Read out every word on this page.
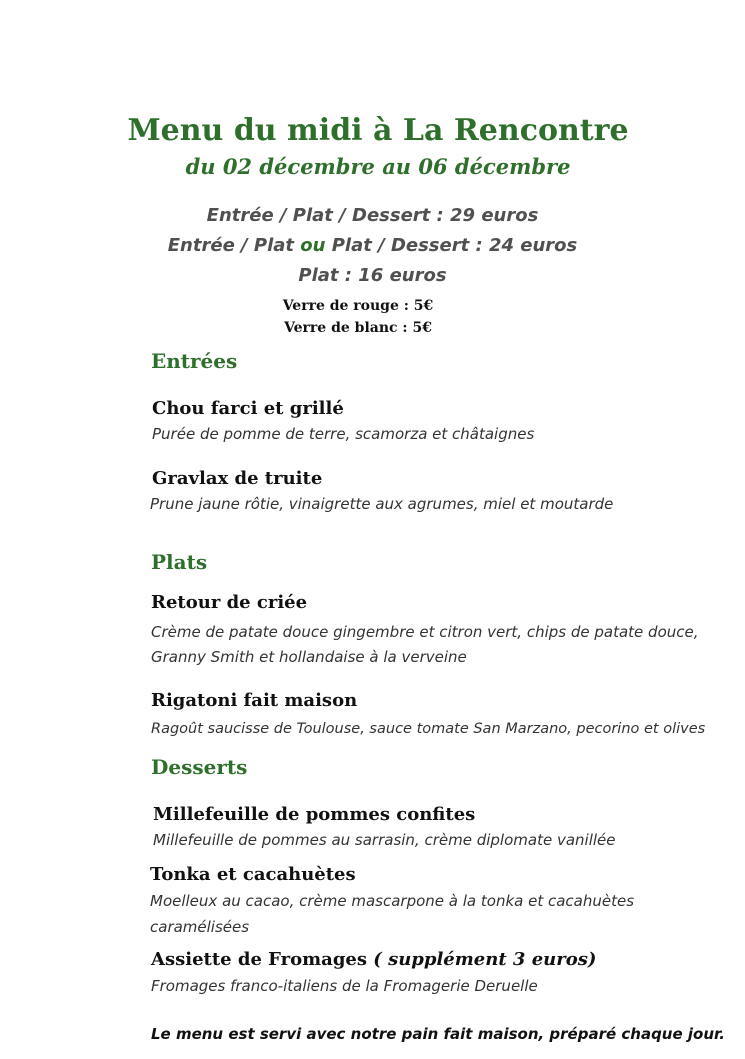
Menu du midi à La Rencontre
du 02 décembre au 06 décembre
Entrée / Plat / Dessert : 29 euros
Entrée / Plat ou Plat / Dessert : 24 euros
Plat : 16 euros
Verre de rouge : 5€
Verre de blanc : 5€
Entrées
Chou farci et grillé
Purée de pomme de terre, scamorza et châtaignes
Gravlax de truite
Prune jaune rôtie, vinaigrette aux agrumes, miel et moutarde
Plats
Retour de criée
Crème de patate douce gingembre et citron vert, chips de patate douce,
Granny Smith et hollandaise à la verveine
Rigatoni fait maison
Ragoût saucisse de Toulouse, sauce tomate San Marzano, pecorino et olives
Desserts
Millefeuille de pommes confites
Millefeuille de pommes au sarrasin, crème diplomate vanillée
Tonka et cacahuètes
Moelleux au cacao, crème mascarpone à la tonka et cacahuètes
caramélisées
Assiette de Fromages ( supplément 3 euros)
Fromages franco-italiens de la Fromagerie Deruelle
Le menu est servi avec notre pain fait maison, préparé chaque jour.
